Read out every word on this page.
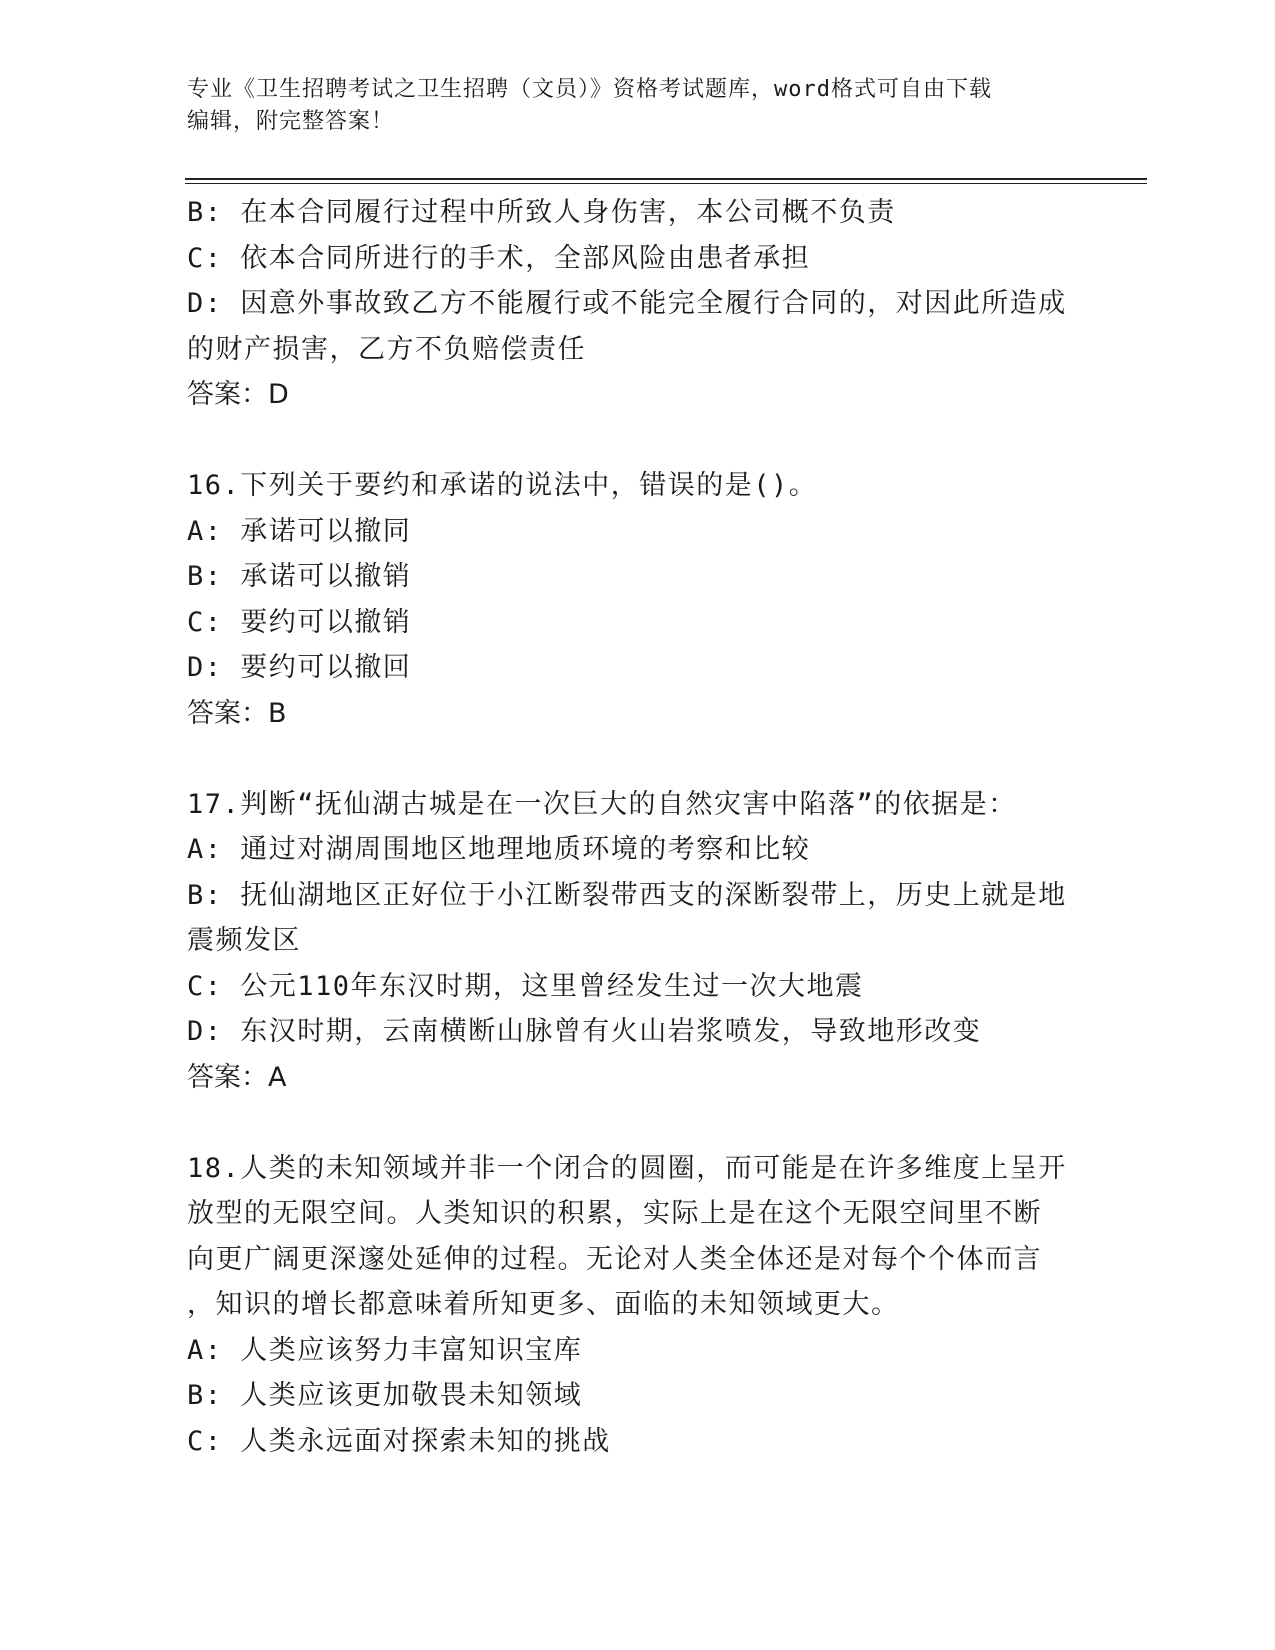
专业《卫生招聘考试之卫生招聘（文员）》资格考试题库，word格式可自由下载
编辑，附完整答案！
B: 在本合同履行过程中所致人身伤害，本公司概不负责
C: 依本合同所进行的手术，全部风险由患者承担
D: 因意外事故致乙方不能履行或不能完全履行合同的，对因此所造成
的财产损害，乙方不负赔偿责任
答案：D
16.下列关于要约和承诺的说法中，错误的是()。
A: 承诺可以撤同
B: 承诺可以撤销
C: 要约可以撤销
D: 要约可以撤回
答案：B
17.判断“抚仙湖古城是在一次巨大的自然灾害中陷落”的依据是：
A: 通过对湖周围地区地理地质环境的考察和比较
B: 抚仙湖地区正好位于小江断裂带西支的深断裂带上，历史上就是地
震频发区
C: 公元110年东汉时期，这里曾经发生过一次大地震
D: 东汉时期，云南横断山脉曾有火山岩浆喷发，导致地形改变
答案：A
18.人类的未知领域并非一个闭合的圆圈，而可能是在许多维度上呈开
放型的无限空间。人类知识的积累，实际上是在这个无限空间里不断
向更广阔更深邃处延伸的过程。无论对人类全体还是对每个个体而言
，知识的增长都意味着所知更多、面临的未知领域更大。
A: 人类应该努力丰富知识宝库
B: 人类应该更加敬畏未知领域
C: 人类永远面对探索未知的挑战
